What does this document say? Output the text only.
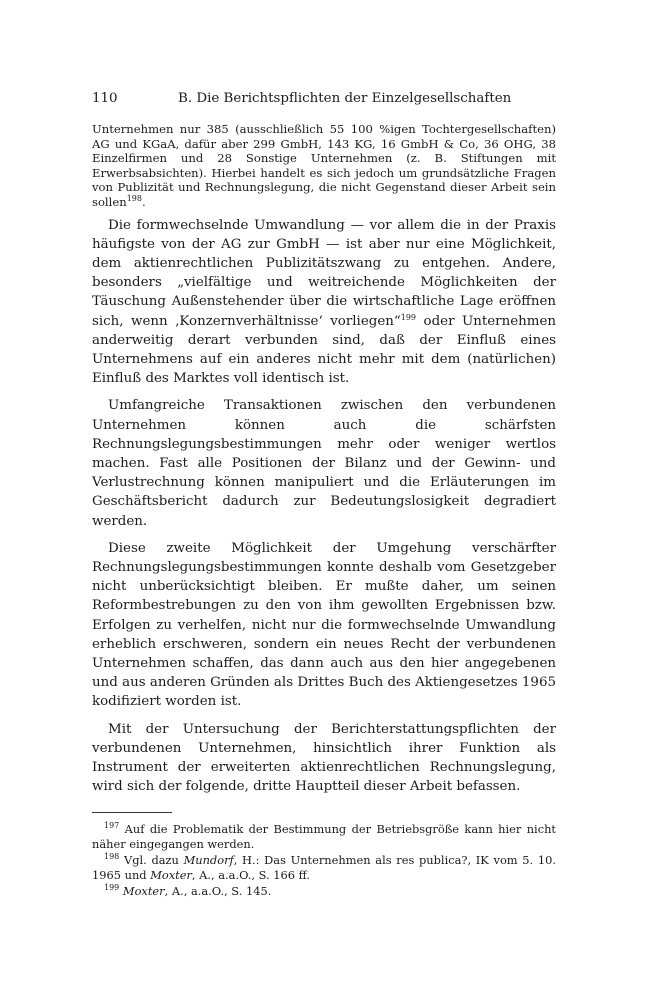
110	B. Die Berichtspflichten der Einzelgesellschaften

Unternehmen nur 385 (ausschließlich 55 100 %igen Tochtergesellschaften) AG und KGaA, dafür aber 299 GmbH, 143 KG, 16 GmbH & Co, 36 OHG, 38 Einzelfirmen und 28 Sonstige Unternehmen (z. B. Stiftungen mit Erwerbsabsichten). Hierbei handelt es sich jedoch um grundsätzliche Fragen von Publizität und Rechnungslegung, die nicht Gegenstand dieser Arbeit sein sollen$^{198}$.

Die formwechselnde Umwandlung — vor allem die in der Praxis häufigste von der AG zur GmbH — ist aber nur eine Möglichkeit, dem aktienrechtlichen Publizitätszwang zu entgehen. Andere, besonders „vielfältige und weitreichende Möglichkeiten der Täuschung Außenstehender über die wirtschaftliche Lage eröffnen sich, wenn ‚Konzernverhältnisse‘ vorliegen“$^{199}$ oder Unternehmen anderweitig derart verbunden sind, daß der Einfluß eines Unternehmens auf ein anderes nicht mehr mit dem (natürlichen) Einfluß des Marktes voll identisch ist.

Umfangreiche Transaktionen zwischen den verbundenen Unternehmen können auch die schärfsten Rechnungslegungsbestimmungen mehr oder weniger wertlos machen. Fast alle Positionen der Bilanz und der Gewinn- und Verlustrechnung können manipuliert und die Erläuterungen im Geschäftsbericht dadurch zur Bedeutungslosigkeit degradiert werden.

Diese zweite Möglichkeit der Umgehung verschärfter Rechnungslegungsbestimmungen konnte deshalb vom Gesetzgeber nicht unberücksichtigt bleiben. Er mußte daher, um seinen Reformbestrebungen zu den von ihm gewollten Ergebnissen bzw. Erfolgen zu verhelfen, nicht nur die formwechselnde Umwandlung erheblich erschweren, sondern ein neues Recht der verbundenen Unternehmen schaffen, das dann auch aus den hier angegebenen und aus anderen Gründen als Drittes Buch des Aktiengesetzes 1965 kodifiziert worden ist.

Mit der Untersuchung der Berichterstattungspflichten der verbundenen Unternehmen, hinsichtlich ihrer Funktion als Instrument der erweiterten aktienrechtlichen Rechnungslegung, wird sich der folgende, dritte Hauptteil dieser Arbeit befassen.

$^{197}$ Auf die Problematik der Bestimmung der Betriebsgröße kann hier nicht näher eingegangen werden.

$^{198}$ Vgl. dazu Mundorf, H.: Das Unternehmen als res publica?, IK vom 5. 10. 1965 und Moxter, A., a.a.O., S. 166 ff.

$^{199}$ Moxter, A., a.a.O., S. 145.
